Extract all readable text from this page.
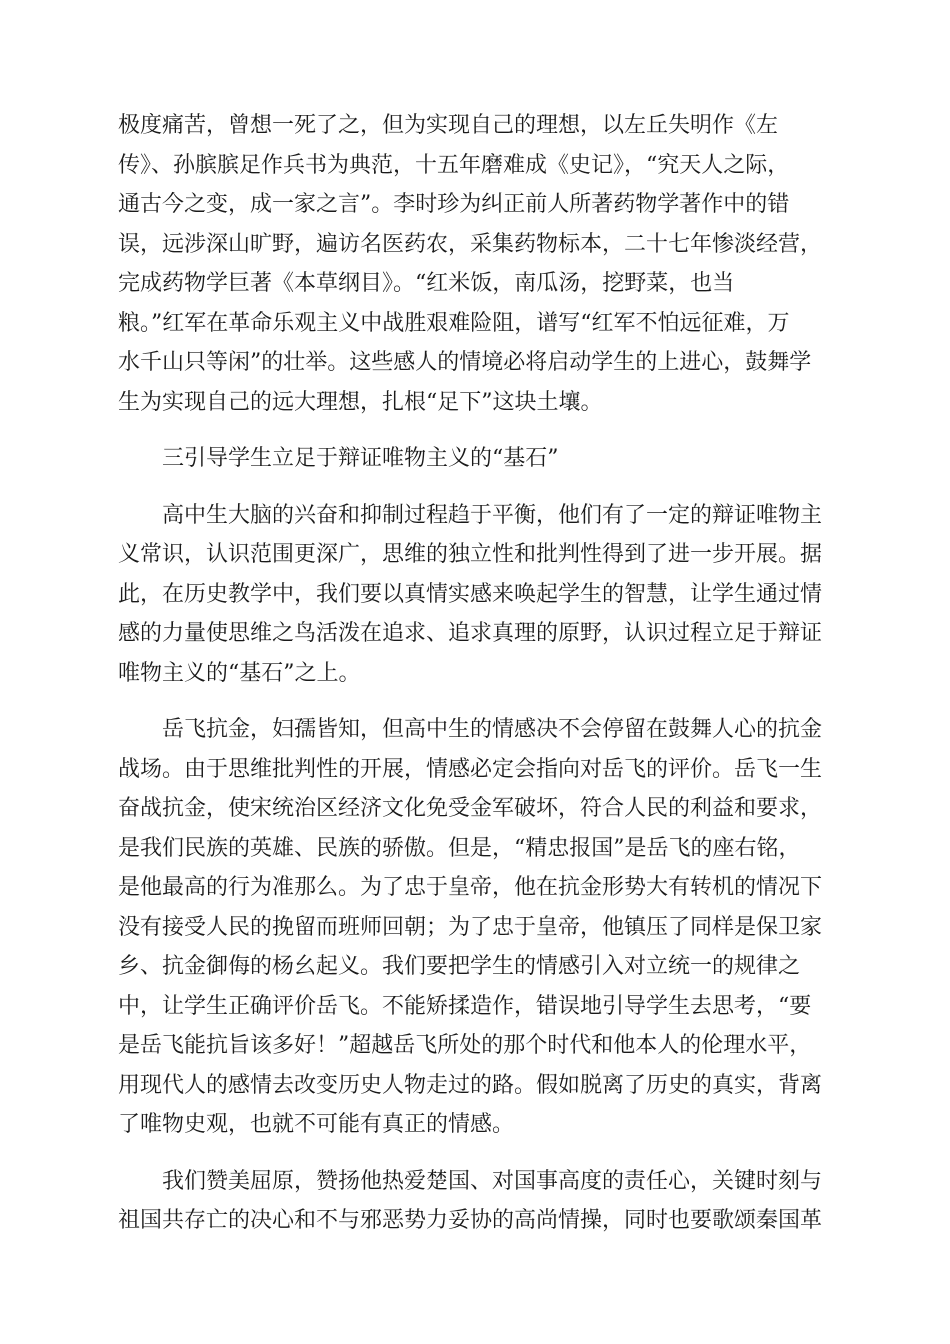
极度痛苦，曾想一死了之，但为实现自己的理想，以左丘失明作《左
传》、孙膑膑足作兵书为典范，十五年磨难成《史记》，“究天人之际，
通古今之变，成一家之言”。李时珍为纠正前人所著药物学著作中的错
误，远涉深山旷野，遍访名医药农，采集药物标本，二十七年惨淡经营，
完成药物学巨著《本草纲目》。“红米饭，南瓜汤，挖野菜，也当
粮。”红军在革命乐观主义中战胜艰难险阻，谱写“红军不怕远征难，万
水千山只等闲”的壮举。这些感人的情境必将启动学生的上进心，鼓舞学
生为实现自己的远大理想，扎根“足下”这块土壤。
三引导学生立足于辩证唯物主义的“基石”
高中生大脑的兴奋和抑制过程趋于平衡，他们有了一定的辩证唯物主
义常识，认识范围更深广，思维的独立性和批判性得到了进一步开展。据
此，在历史教学中，我们要以真情实感来唤起学生的智慧，让学生通过情
感的力量使思维之鸟活泼在追求、追求真理的原野，认识过程立足于辩证
唯物主义的“基石”之上。
岳飞抗金，妇孺皆知，但高中生的情感决不会停留在鼓舞人心的抗金
战场。由于思维批判性的开展，情感必定会指向对岳飞的评价。岳飞一生
奋战抗金，使宋统治区经济文化免受金军破坏，符合人民的利益和要求，
是我们民族的英雄、民族的骄傲。但是，“精忠报国”是岳飞的座右铭，
是他最高的行为准那么。为了忠于皇帝，他在抗金形势大有转机的情况下
没有接受人民的挽留而班师回朝；为了忠于皇帝，他镇压了同样是保卫家
乡、抗金御侮的杨幺起义。我们要把学生的情感引入对立统一的规律之
中，让学生正确评价岳飞。不能矫揉造作，错误地引导学生去思考，“要
是岳飞能抗旨该多好！”超越岳飞所处的那个时代和他本人的伦理水平，
用现代人的感情去改变历史人物走过的路。假如脱离了历史的真实，背离
了唯物史观，也就不可能有真正的情感。
我们赞美屈原，赞扬他热爱楚国、对国事高度的责任心，关键时刻与
祖国共存亡的决心和不与邪恶势力妥协的高尚情操，同时也要歌颂秦国革
